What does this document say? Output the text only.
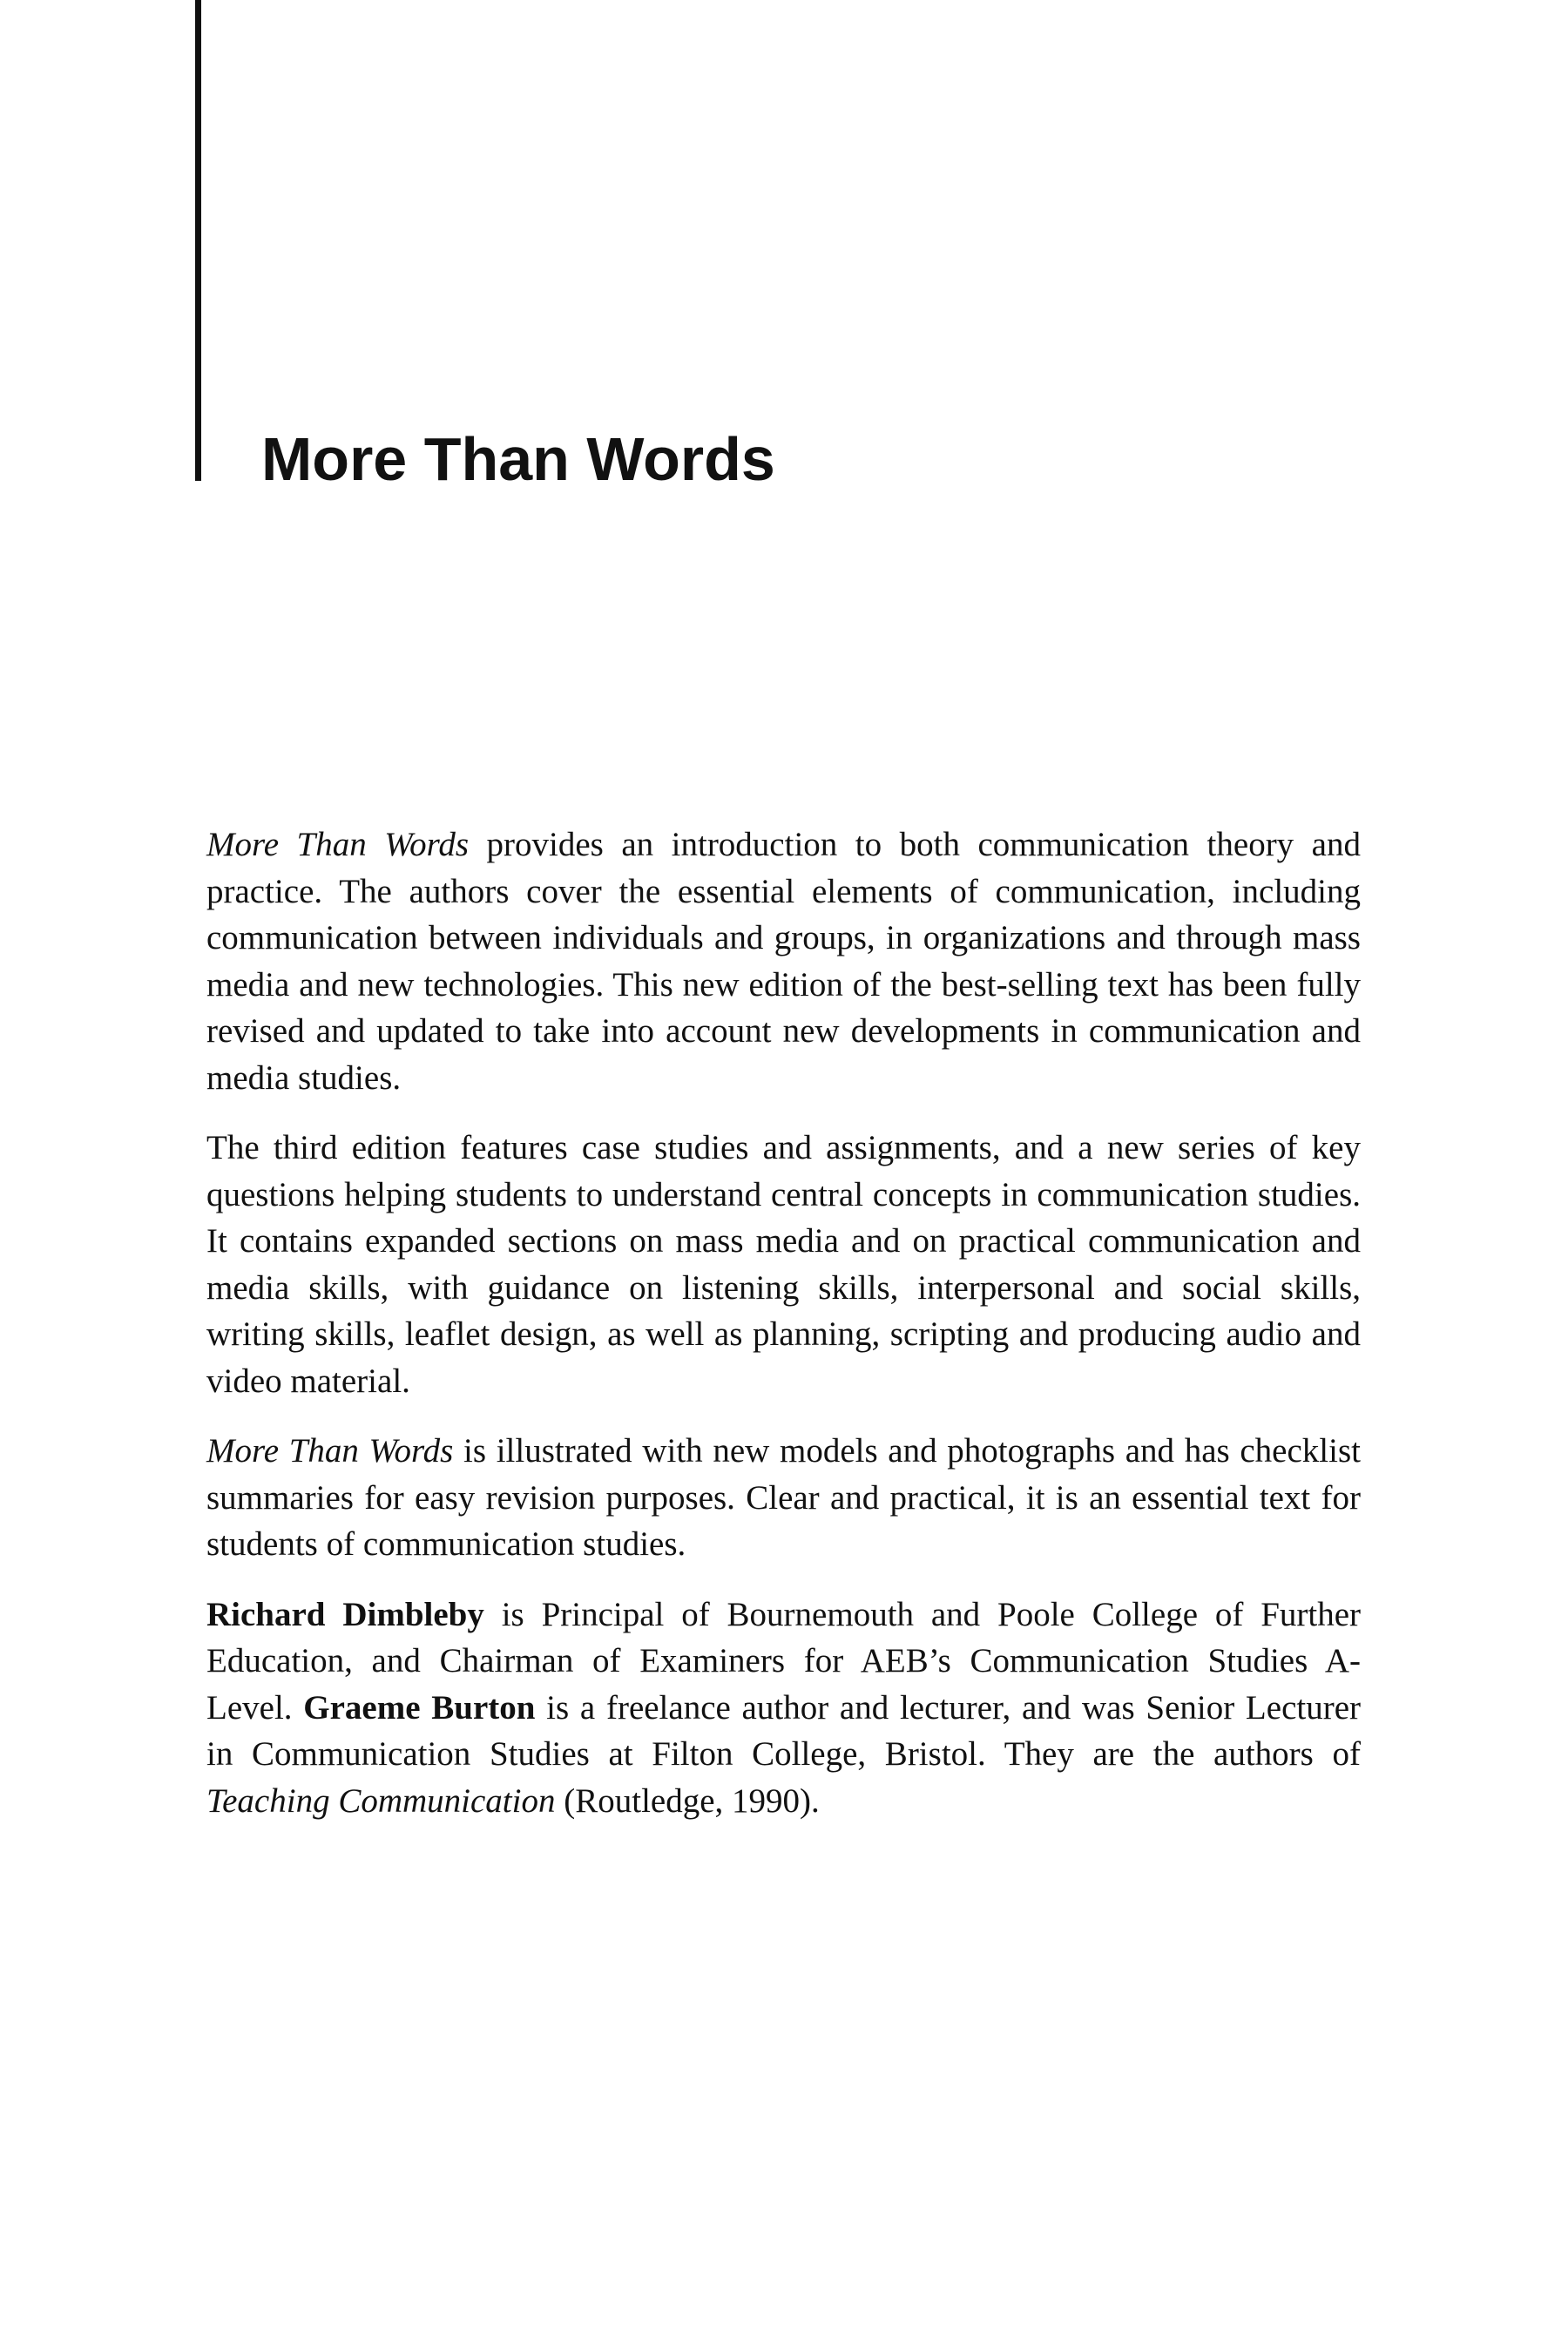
More Than Words

More Than Words provides an introduction to both communication theory and practice. The authors cover the essential elements of communication, including communication between individuals and groups, in organizations and through mass media and new technologies. This new edition of the best-selling text has been fully revised and updated to take into account new developments in communication and media studies.

The third edition features case studies and assignments, and a new series of key questions helping students to understand central concepts in communication studies. It contains expanded sections on mass media and on practical communication and media skills, with guidance on listening skills, interpersonal and social skills, writing skills, leaflet design, as well as planning, scripting and producing audio and video material.

More Than Words is illustrated with new models and photographs and has checklist summaries for easy revision purposes. Clear and practical, it is an essential text for students of communication studies.

Richard Dimbleby is Principal of Bournemouth and Poole College of Further Education, and Chairman of Examiners for AEB’s Communication Studies A- Level. Graeme Burton is a freelance author and lecturer, and was Senior Lecturer in Communication Studies at Filton College, Bristol. They are the authors of Teaching Communication (Routledge, 1990).
